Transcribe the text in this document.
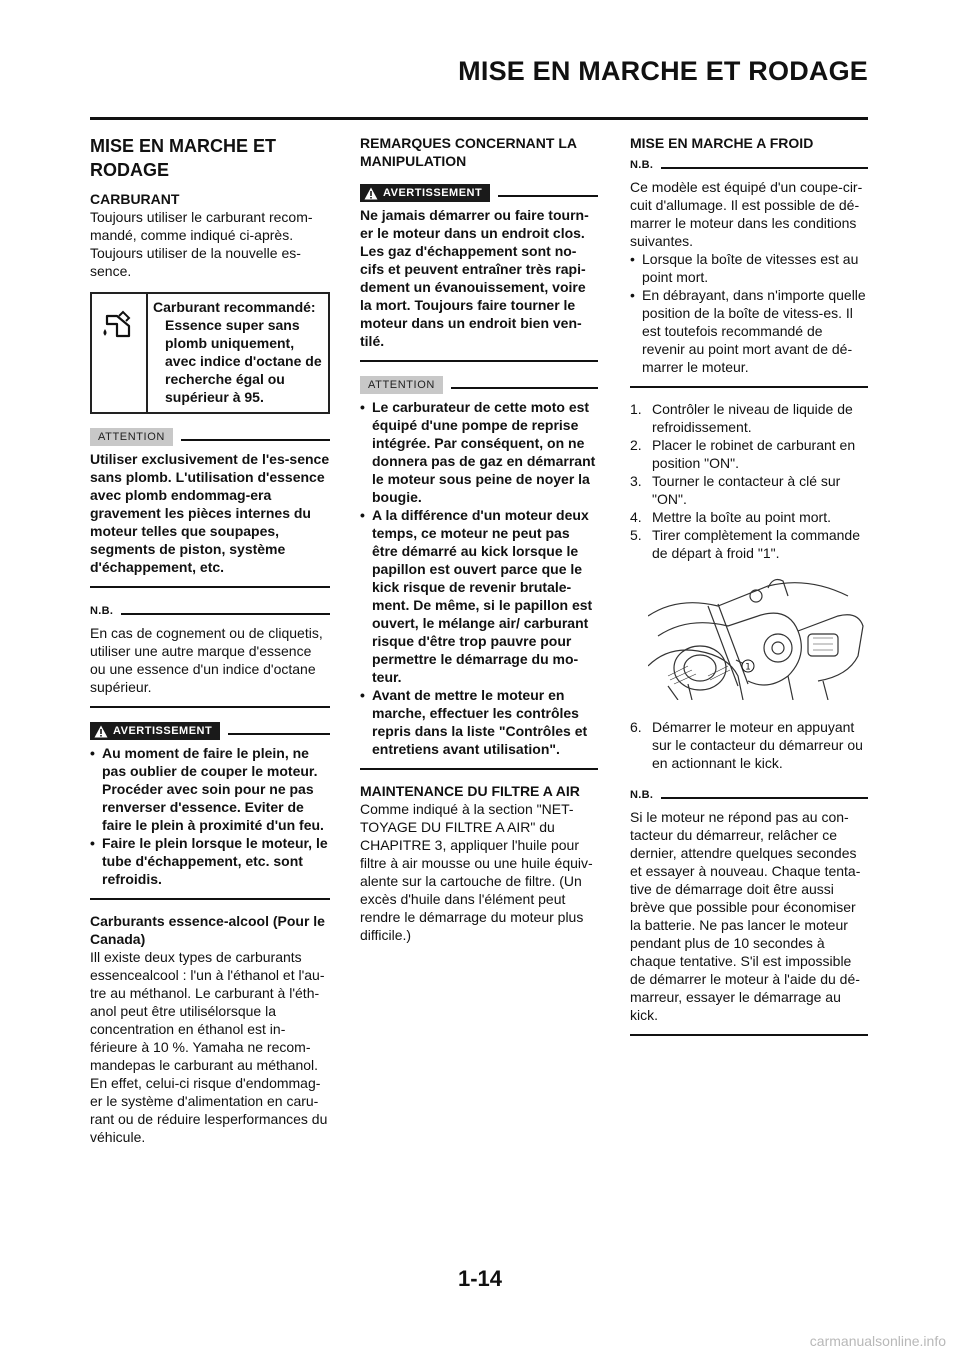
MISE EN MARCHE ET RODAGE
MISE EN MARCHE ET RODAGE
CARBURANT

Toujours utiliser le carburant recom-mandé, comme indiqué ci-après. Toujours utiliser de la nouvelle es-sence.

Carburant recommandé:
Essence super sans
plomb uniquement,
avec indice d'octane de
recherche égal ou
supérieur à 95.
ATTENTION

Utiliser exclusivement de l'es-sence sans plomb. L'utilisation d'essence avec plomb endommag-era gravement les pièces internes du moteur telles que soupapes, segments de piston, système d'échappement, etc.

N.B.

En cas de cognement ou de cliquetis, utiliser une autre marque d'essence ou une essence d'un indice d'octane supérieur.

AVERTISSEMENT
• Au moment de faire le plein, ne pas oublier de couper le moteur. Procéder avec soin pour ne pas renverser d'essence. Eviter de faire le plein à proximité d'un feu.
• Faire le plein lorsque le moteur, le tube d'échappement, etc. sont refroidis.
Carburants essence-alcool (Pour le Canada)

Ill existe deux types de carburants essencealcool : l'un à l'éthanol et l'au-tre au méthanol. Le carburant à l'éth-anol peut être utilisélorsque la concentration en éthanol est in-férieure à 10 %. Yamaha ne recom-mandepas le carburant au méthanol. En effet, celui-ci risque d'endommag-er le système d'alimentation en caru-rant ou de réduire lesperformances du véhicule.

REMARQUES CONCERNANT LA MANIPULATION
AVERTISSEMENT

Ne jamais démarrer ou faire tourn-er le moteur dans un endroit clos. Les gaz d'échappement sont no-cifs et peuvent entraîner très rapi-dement un évanouissement, voire la mort. Toujours faire tourner le moteur dans un endroit bien ven-tilé.

ATTENTION
• Le carburateur de cette moto est équipé d'une pompe de reprise intégrée. Par conséquent, on ne donnera pas de gaz en démarrant le moteur sous peine de noyer la bougie.
• A la différence d'un moteur deux temps, ce moteur ne peut pas être démarré au kick lorsque le papillon est ouvert parce que le kick risque de revenir brutale-ment. De même, si le papillon est ouvert, le mélange air/ carburant risque d'être trop pauvre pour permettre le démarrage du mo-teur.
• Avant de mettre le moteur en marche, effectuer les contrôles repris dans la liste "Contrôles et entretiens avant utilisation".
MAINTENANCE DU FILTRE A AIR

Comme indiqué à la section "NET-TOYAGE DU FILTRE A AIR" du CHAPITRE 3, appliquer l'huile pour filtre à air mousse ou une huile équiv-alente sur la cartouche de filtre. (Un excès d'huile dans l'élément peut rendre le démarrage du moteur plus difficile.)

MISE EN MARCHE A FROID
N.B.

Ce modèle est équipé d'un coupe-cir-cuit d'allumage. Il est possible de dé-marrer le moteur dans les conditions suivantes.

• Lorsque la boîte de vitesses est au point mort.
• En débrayant, dans n'importe quelle position de la boîte de vitess-es. Il est toutefois recommandé de revenir au point mort avant de dé-marrer le moteur.
1. Contrôler le niveau de liquide de refroidissement.
2. Placer le robinet de carburant en position "ON".
3. Tourner le contacteur à clé sur "ON".
4. Mettre la boîte au point mort.
5. Tirer complètement la commande de départ à froid "1".
1
6. Démarrer le moteur en appuyant sur le contacteur du démarreur ou en actionnant le kick.
N.B.

Si le moteur ne répond pas au con-tacteur du démarreur, relâcher ce dernier, attendre quelques secondes et essayer à nouveau. Chaque tenta-tive de démarrage doit être aussi brève que possible pour économiser la batterie. Ne pas lancer le moteur pendant plus de 10 secondes à chaque tentative. S'il est impossible de démarrer le moteur à l'aide du dé-marreur, essayer le démarrage au kick.

1-14
carmanualsonline.info
